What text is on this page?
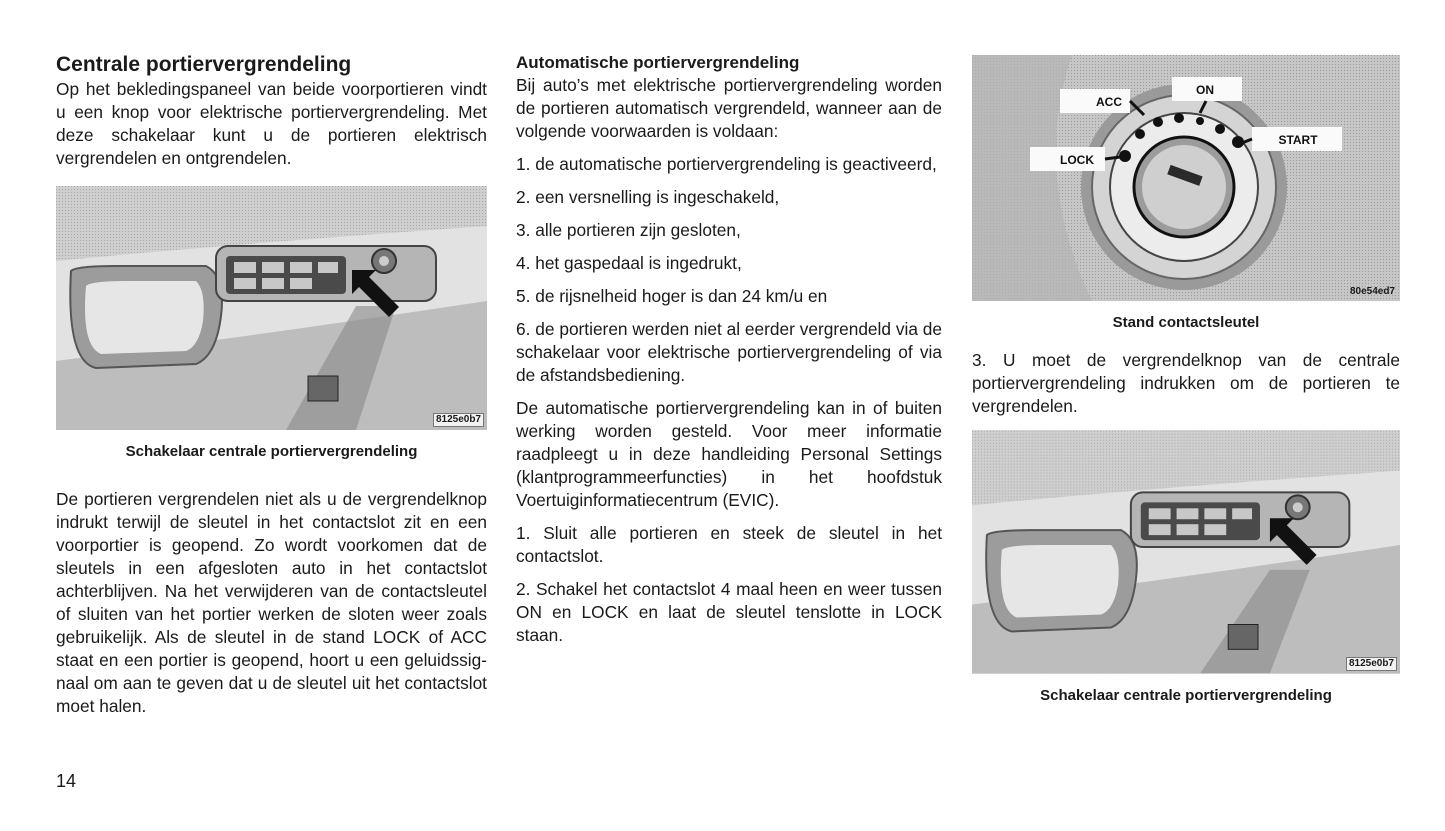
Centrale portiervergrendeling

Op het bekledingspaneel van beide voorportieren vindt u een knop voor elektrische portiervergrendeling. Met deze schakelaar kunt u de portieren elektrisch vergrendelen en ontgrendelen.

8125e0b7
Schakelaar centrale portiervergrendeling

De portieren vergrendelen niet als u de vergrendelknop indrukt terwijl de sleutel in het contactslot zit en een voorportier is geopend. Zo wordt voorkomen dat de sleutels in een afgesloten auto in het contactslot achterblijven. Na het verwijderen van de contactsleutel of sluiten van het portier werken de sloten weer zoals gebruikelijk. Als de sleutel in de stand LOCK of ACC staat en een portier is geopend, hoort u een geluidssignaal om aan te geven dat u de sleutel uit het contactslot moet halen.

Automatische portiervergrendeling

Bij auto’s met elektrische portiervergrendeling worden de portieren automatisch vergrendeld, wanneer aan de volgende voorwaarden is voldaan:

1. de automatische portiervergrendeling is geactiveerd,

2. een versnelling is ingeschakeld,

3. alle portieren zijn gesloten,

4. het gaspedaal is ingedrukt,

5. de rijsnelheid hoger is dan 24 km/u en

6. de portieren werden niet al eerder vergrendeld via de schakelaar voor elektrische portiervergrendeling of via de afstandsbediening.

De automatische portiervergrendeling kan in of buiten werking worden gesteld. Voor meer informatie raadpleegt u in deze handleiding Personal Settings (klantprogrammeerfuncties) in het hoofdstuk Voertuiginformatiecentrum (EVIC).

1. Sluit alle portieren en steek de sleutel in het contactslot.

2. Schakel het contactslot 4 maal heen en weer tussen ON en LOCK en laat de sleutel tenslotte in LOCK staan.

ACC
ON
START
LOCK
80e54ed7
Stand contactsleutel

3. U moet de vergrendelknop van de centrale portiervergrendeling indrukken om de portieren te vergrendelen.

8125e0b7
Schakelaar centrale portiervergrendeling
14
